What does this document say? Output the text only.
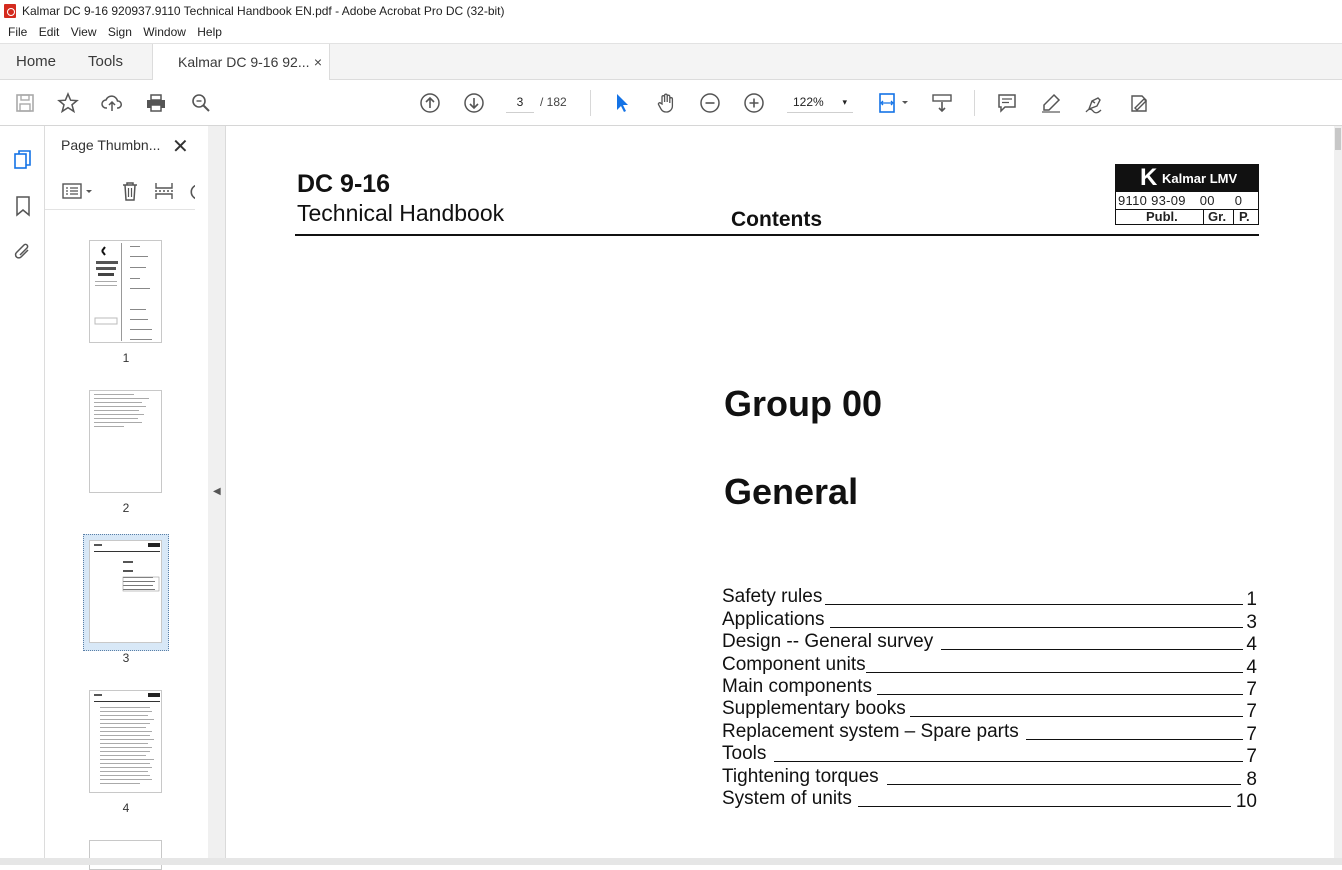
Kalmar DC 9-16 920937.9110 Technical Handbook EN.pdf - Adobe Acrobat Pro DC (32-bit)
File Edit View Sign Window Help
Home Tools	Kalmar DC 9-16 92... ×
3	/ 182	122% ▾
Page Thumbn... ✕
1
2
3
4
◀
DC 9-16
Technical Handbook	Contents
K Kalmar LMV
9110 93-09 00 0
Publ. Gr. P.
Group 00
General
Safety rules	1
Applications	3
Design -- General survey	4
Component units	4
Main components	7
Supplementary books	7
Replacement system – Spare parts	7
Tools	7
Tightening torques	8
System of units	10
